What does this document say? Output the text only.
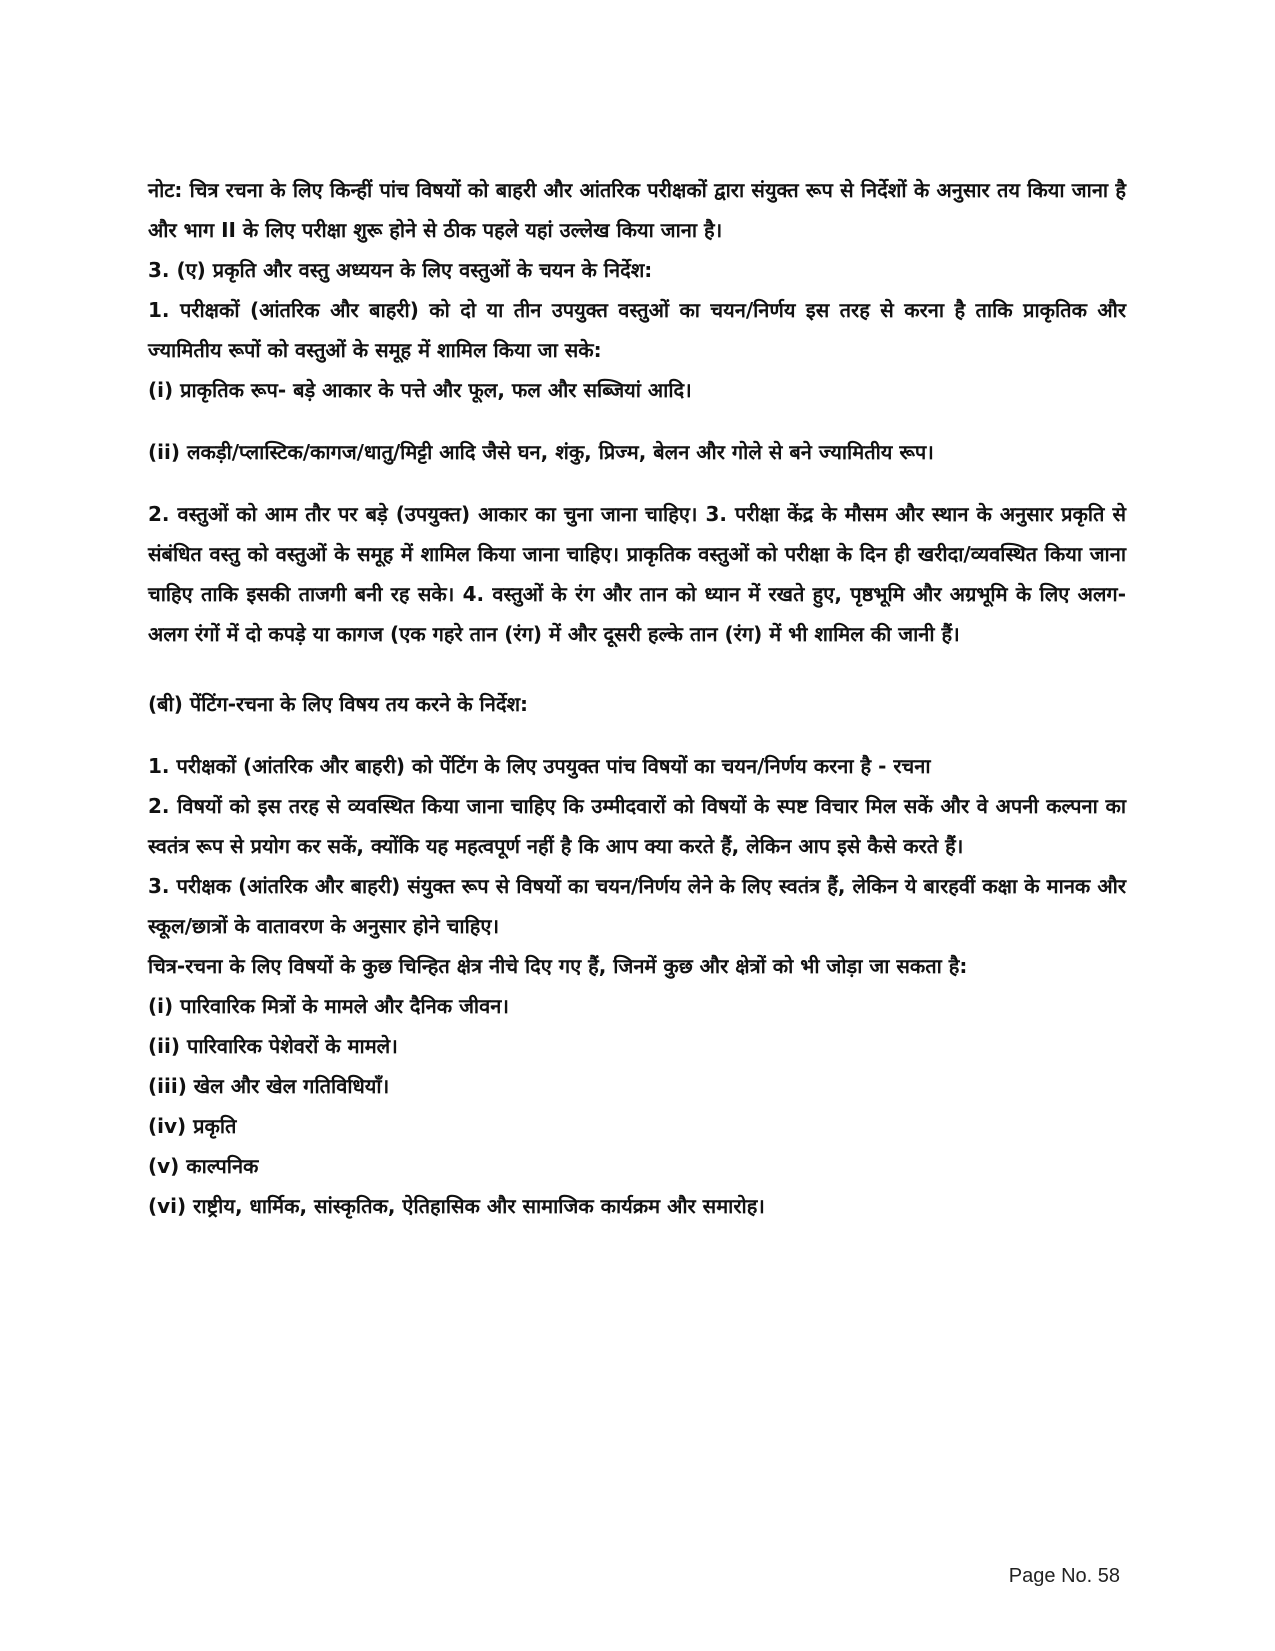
नोट: चित्र रचना के लिए किन्हीं पांच विषयों को बाहरी और आंतरिक परीक्षकों द्वारा संयुक्त रूप से निर्देशों के अनुसार तय किया जाना है और भाग II के लिए परीक्षा शुरू होने से ठीक पहले यहां उल्लेख किया जाना है।

3. (ए) प्रकृति और वस्तु अध्ययन के लिए वस्तुओं के चयन के निर्देश:

1. परीक्षकों (आंतरिक और बाहरी) को दो या तीन उपयुक्त वस्तुओं का चयन/निर्णय इस तरह से करना है ताकि प्राकृतिक और ज्यामितीय रूपों को वस्तुओं के समूह में शामिल किया जा सके:

(i) प्राकृतिक रूप- बड़े आकार के पत्ते और फूल, फल और सब्जियां आदि।

(ii) लकड़ी/प्लास्टिक/कागज/धातु/मिट्टी आदि जैसे घन, शंकु, प्रिज्म, बेलन और गोले से बने ज्यामितीय रूप।

2. वस्तुओं को आम तौर पर बड़े (उपयुक्त) आकार का चुना जाना चाहिए। 3. परीक्षा केंद्र के मौसम और स्थान के अनुसार प्रकृति से संबंधित वस्तु को वस्तुओं के समूह में शामिल किया जाना चाहिए। प्राकृतिक वस्तुओं को परीक्षा के दिन ही खरीदा/व्यवस्थित किया जाना चाहिए ताकि इसकी ताजगी बनी रह सके। 4. वस्तुओं के रंग और तान को ध्यान में रखते हुए, पृष्ठभूमि और अग्रभूमि के लिए अलग-अलग रंगों में दो कपड़े या कागज (एक गहरे तान (रंग) में और दूसरी हल्के तान (रंग) में भी शामिल की जानी हैं।

(बी) पेंटिंग-रचना के लिए विषय तय करने के निर्देश:

1. परीक्षकों (आंतरिक और बाहरी) को पेंटिंग के लिए उपयुक्त पांच विषयों का चयन/निर्णय करना है - रचना

2. विषयों को इस तरह से व्यवस्थित किया जाना चाहिए कि उम्मीदवारों को विषयों के स्पष्ट विचार मिल सकें और वे अपनी कल्पना का स्वतंत्र रूप से प्रयोग कर सकें, क्योंकि यह महत्वपूर्ण नहीं है कि आप क्या करते हैं, लेकिन आप इसे कैसे करते हैं।

3. परीक्षक (आंतरिक और बाहरी) संयुक्त रूप से विषयों का चयन/निर्णय लेने के लिए स्वतंत्र हैं, लेकिन ये बारहवीं कक्षा के मानक और स्कूल/छात्रों के वातावरण के अनुसार होने चाहिए।

चित्र-रचना के लिए विषयों के कुछ चिन्हित क्षेत्र नीचे दिए गए हैं, जिनमें कुछ और क्षेत्रों को भी जोड़ा जा सकता है:

(i) पारिवारिक मित्रों के मामले और दैनिक जीवन।

(ii) पारिवारिक पेशेवरों के मामले।

(iii) खेल और खेल गतिविधियाँ।

(iv) प्रकृति

(v) काल्पनिक

(vi) राष्ट्रीय, धार्मिक, सांस्कृतिक, ऐतिहासिक और सामाजिक कार्यक्रम और समारोह।

Page No. 58
